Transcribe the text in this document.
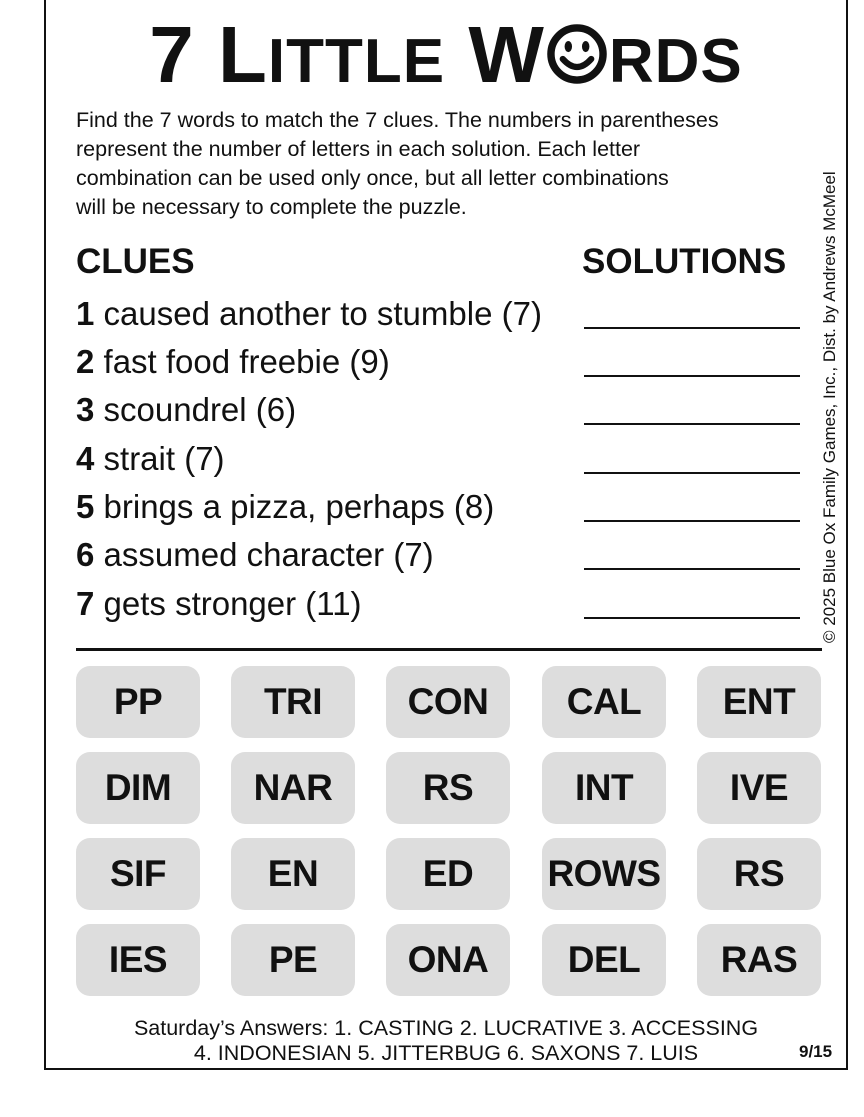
7 LITTLE W RDS

Find the 7 words to match the 7 clues. The numbers in parentheses

represent the number of letters in each solution. Each letter

combination can be used only once, but all letter combinations

will be necessary to complete the puzzle.	© 2025 Blue Ox Family Games, Inc., Dist. by Andrews McMeel
CLUES	SOLUTIONS
1 caused another to stumble (7)
2 fast food freebie (9)
3 scoundrel (6)
4 strait (7)
5 brings a pizza, perhaps (8)
6 assumed character (7)
7 gets stronger (11)
PP	TRI	CON	CAL	ENT
DIM	NAR	RS	INT	IVE
SIF	EN	ED	ROWS	RS
IES	PE	ONA	DEL	RAS

Saturday’s Answers: 1. CASTING 2. LUCRATIVE 3. ACCESSING

4. INDONESIAN 5. JITTERBUG 6. SAXONS 7. LUIS	9/15
